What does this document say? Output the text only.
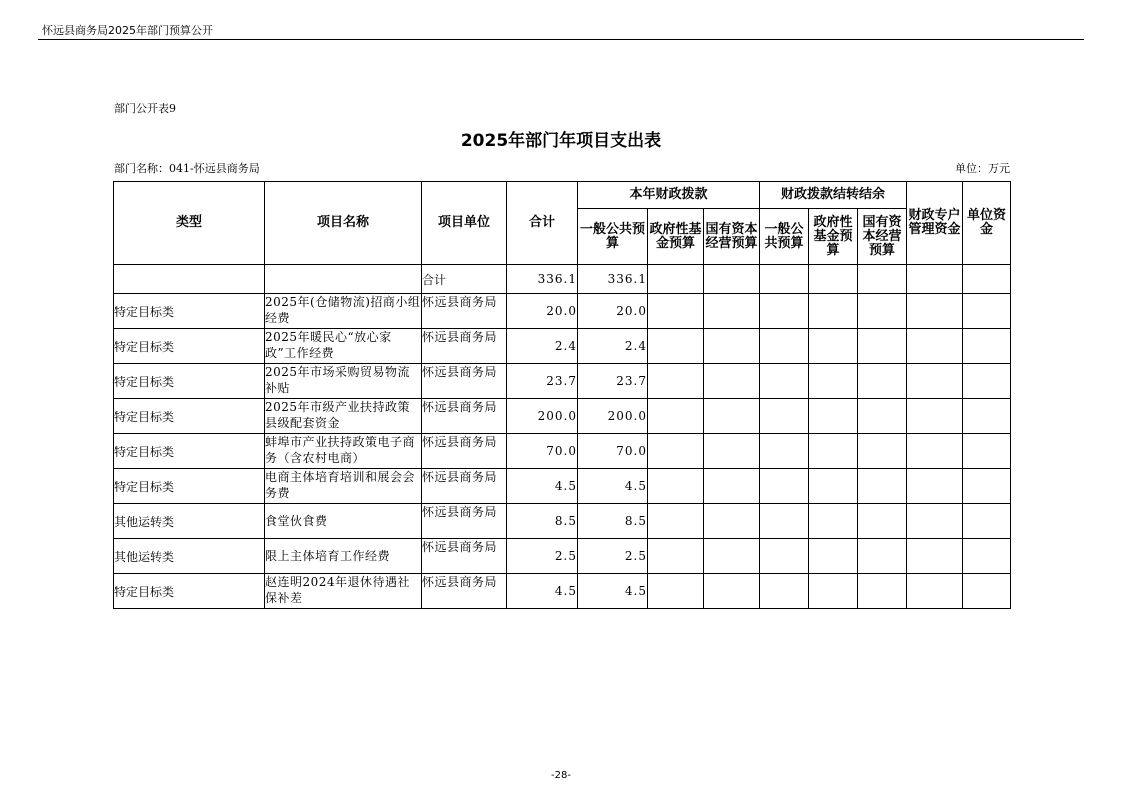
怀远县商务局2025年部门预算公开
部门公开表9
2025年部门年项目支出表
部门名称：041-怀远县商务局	单位：万元
类型	项目名称	项目单位	合计	本年财政拨款			财政拨款结转结余			财政专户管理资金	单位资金
				一般公共预算	政府性基金预算	国有资本经营预算	一般公共预算	政府性基金预算	国有资本经营预算		
		合计	336.1	336.1							
特定目标类	2025年(仓储物流)招商小组经费	怀远县商务局	20.0	20.0							
特定目标类	2025年暖民心“放心家政”工作经费	怀远县商务局	2.4	2.4							
特定目标类	2025年市场采购贸易物流补贴	怀远县商务局	23.7	23.7							
特定目标类	2025年市级产业扶持政策县级配套资金	怀远县商务局	200.0	200.0							
特定目标类	蚌埠市产业扶持政策电子商务（含农村电商）	怀远县商务局	70.0	70.0							
特定目标类	电商主体培育培训和展会会务费	怀远县商务局	4.5	4.5							
其他运转类	食堂伙食费	怀远县商务局	8.5	8.5							
其他运转类	限上主体培育工作经费	怀远县商务局	2.5	2.5							
特定目标类	赵连明2024年退休待遇社保补差	怀远县商务局	4.5	4.5							
-28-
